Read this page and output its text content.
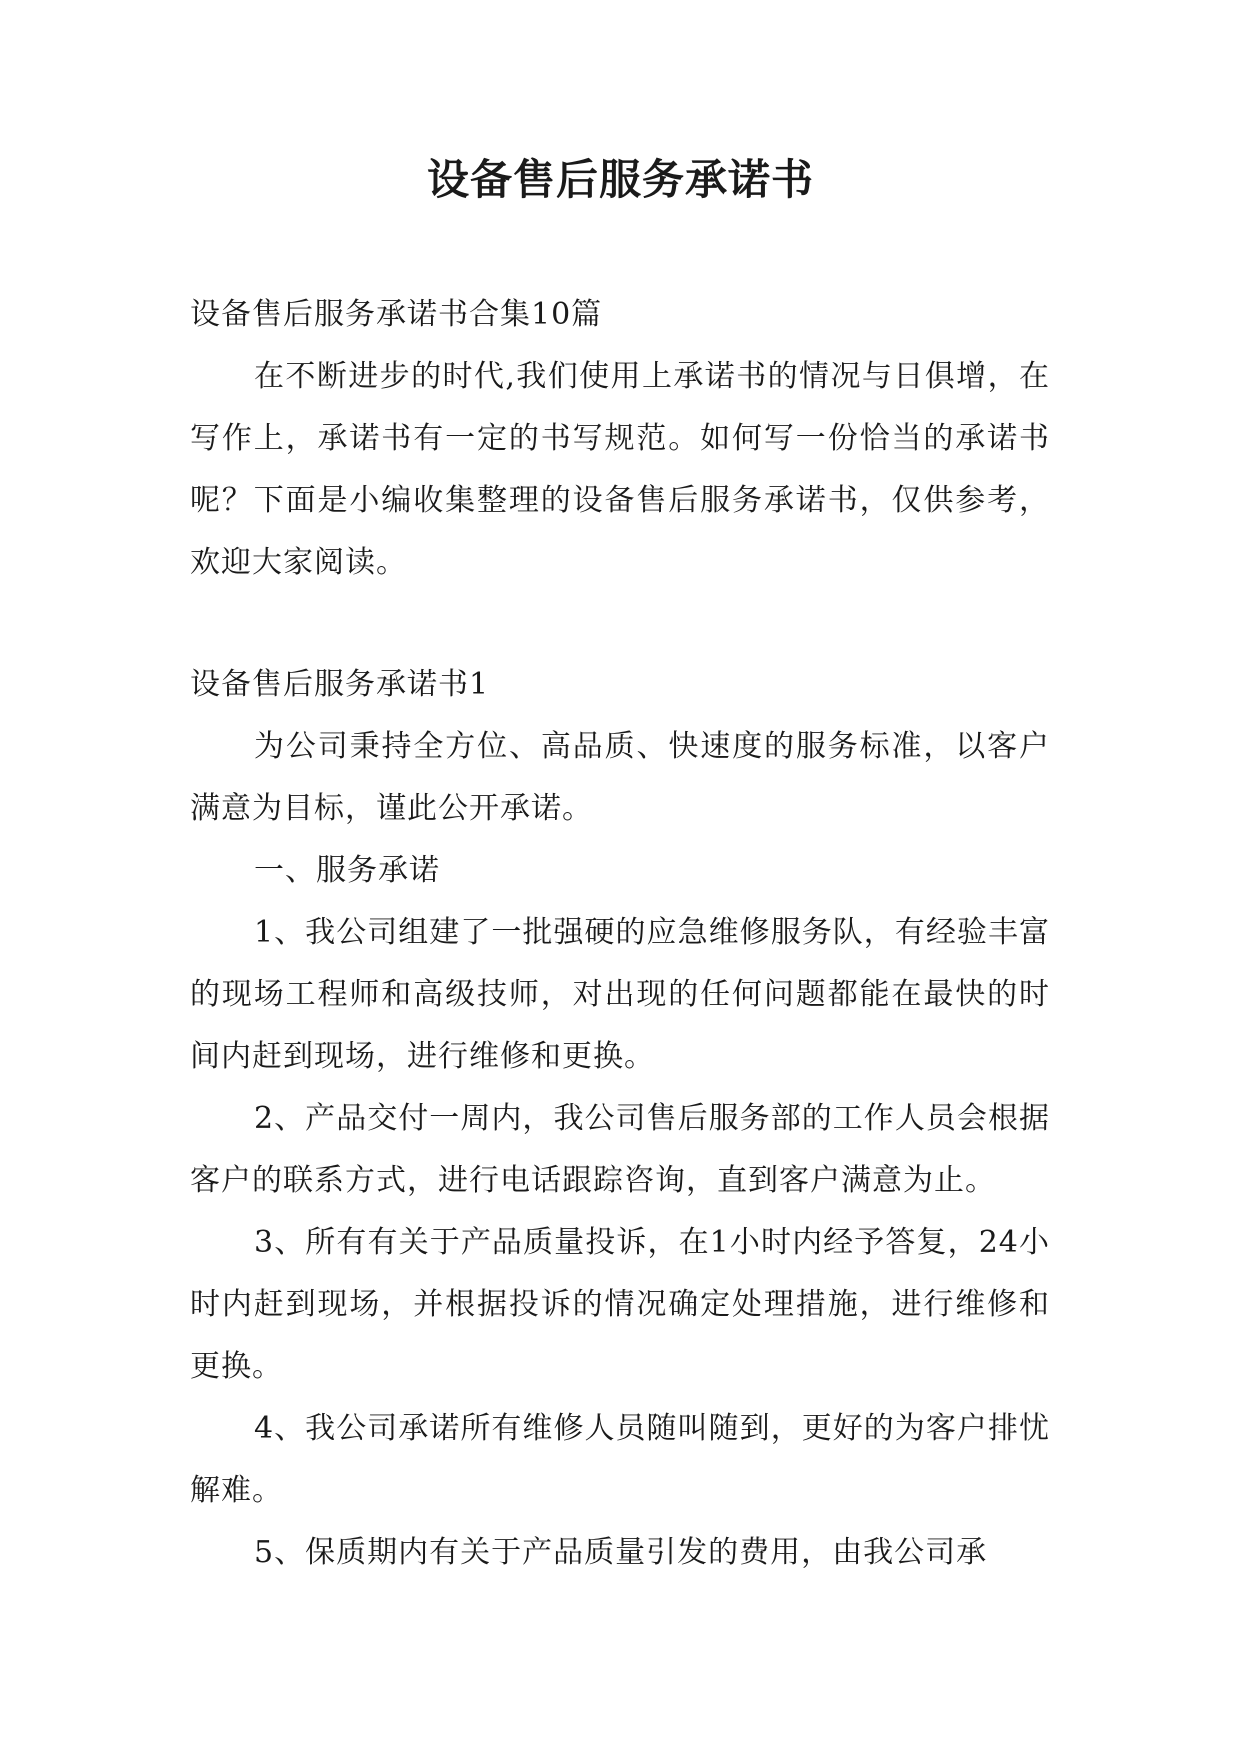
设备售后服务承诺书

设备售后服务承诺书合集10篇

在不断进步的时代,我们使用上承诺书的情况与日俱增，在写作上，承诺书有一定的书写规范。如何写一份恰当的承诺书呢？下面是小编收集整理的设备售后服务承诺书，仅供参考，欢迎大家阅读。

设备售后服务承诺书1

为公司秉持全方位、高品质、快速度的服务标准，以客户满意为目标，谨此公开承诺。

一、服务承诺

1、我公司组建了一批强硬的应急维修服务队，有经验丰富的现场工程师和高级技师，对出现的任何问题都能在最快的时间内赶到现场，进行维修和更换。

2、产品交付一周内，我公司售后服务部的工作人员会根据客户的联系方式，进行电话跟踪咨询，直到客户满意为止。

3、所有有关于产品质量投诉，在1小时内经予答复，24小时内赶到现场，并根据投诉的情况确定处理措施，进行维修和更换。

4、我公司承诺所有维修人员随叫随到，更好的为客户排忧解难。

5、保质期内有关于产品质量引发的费用，由我公司承
